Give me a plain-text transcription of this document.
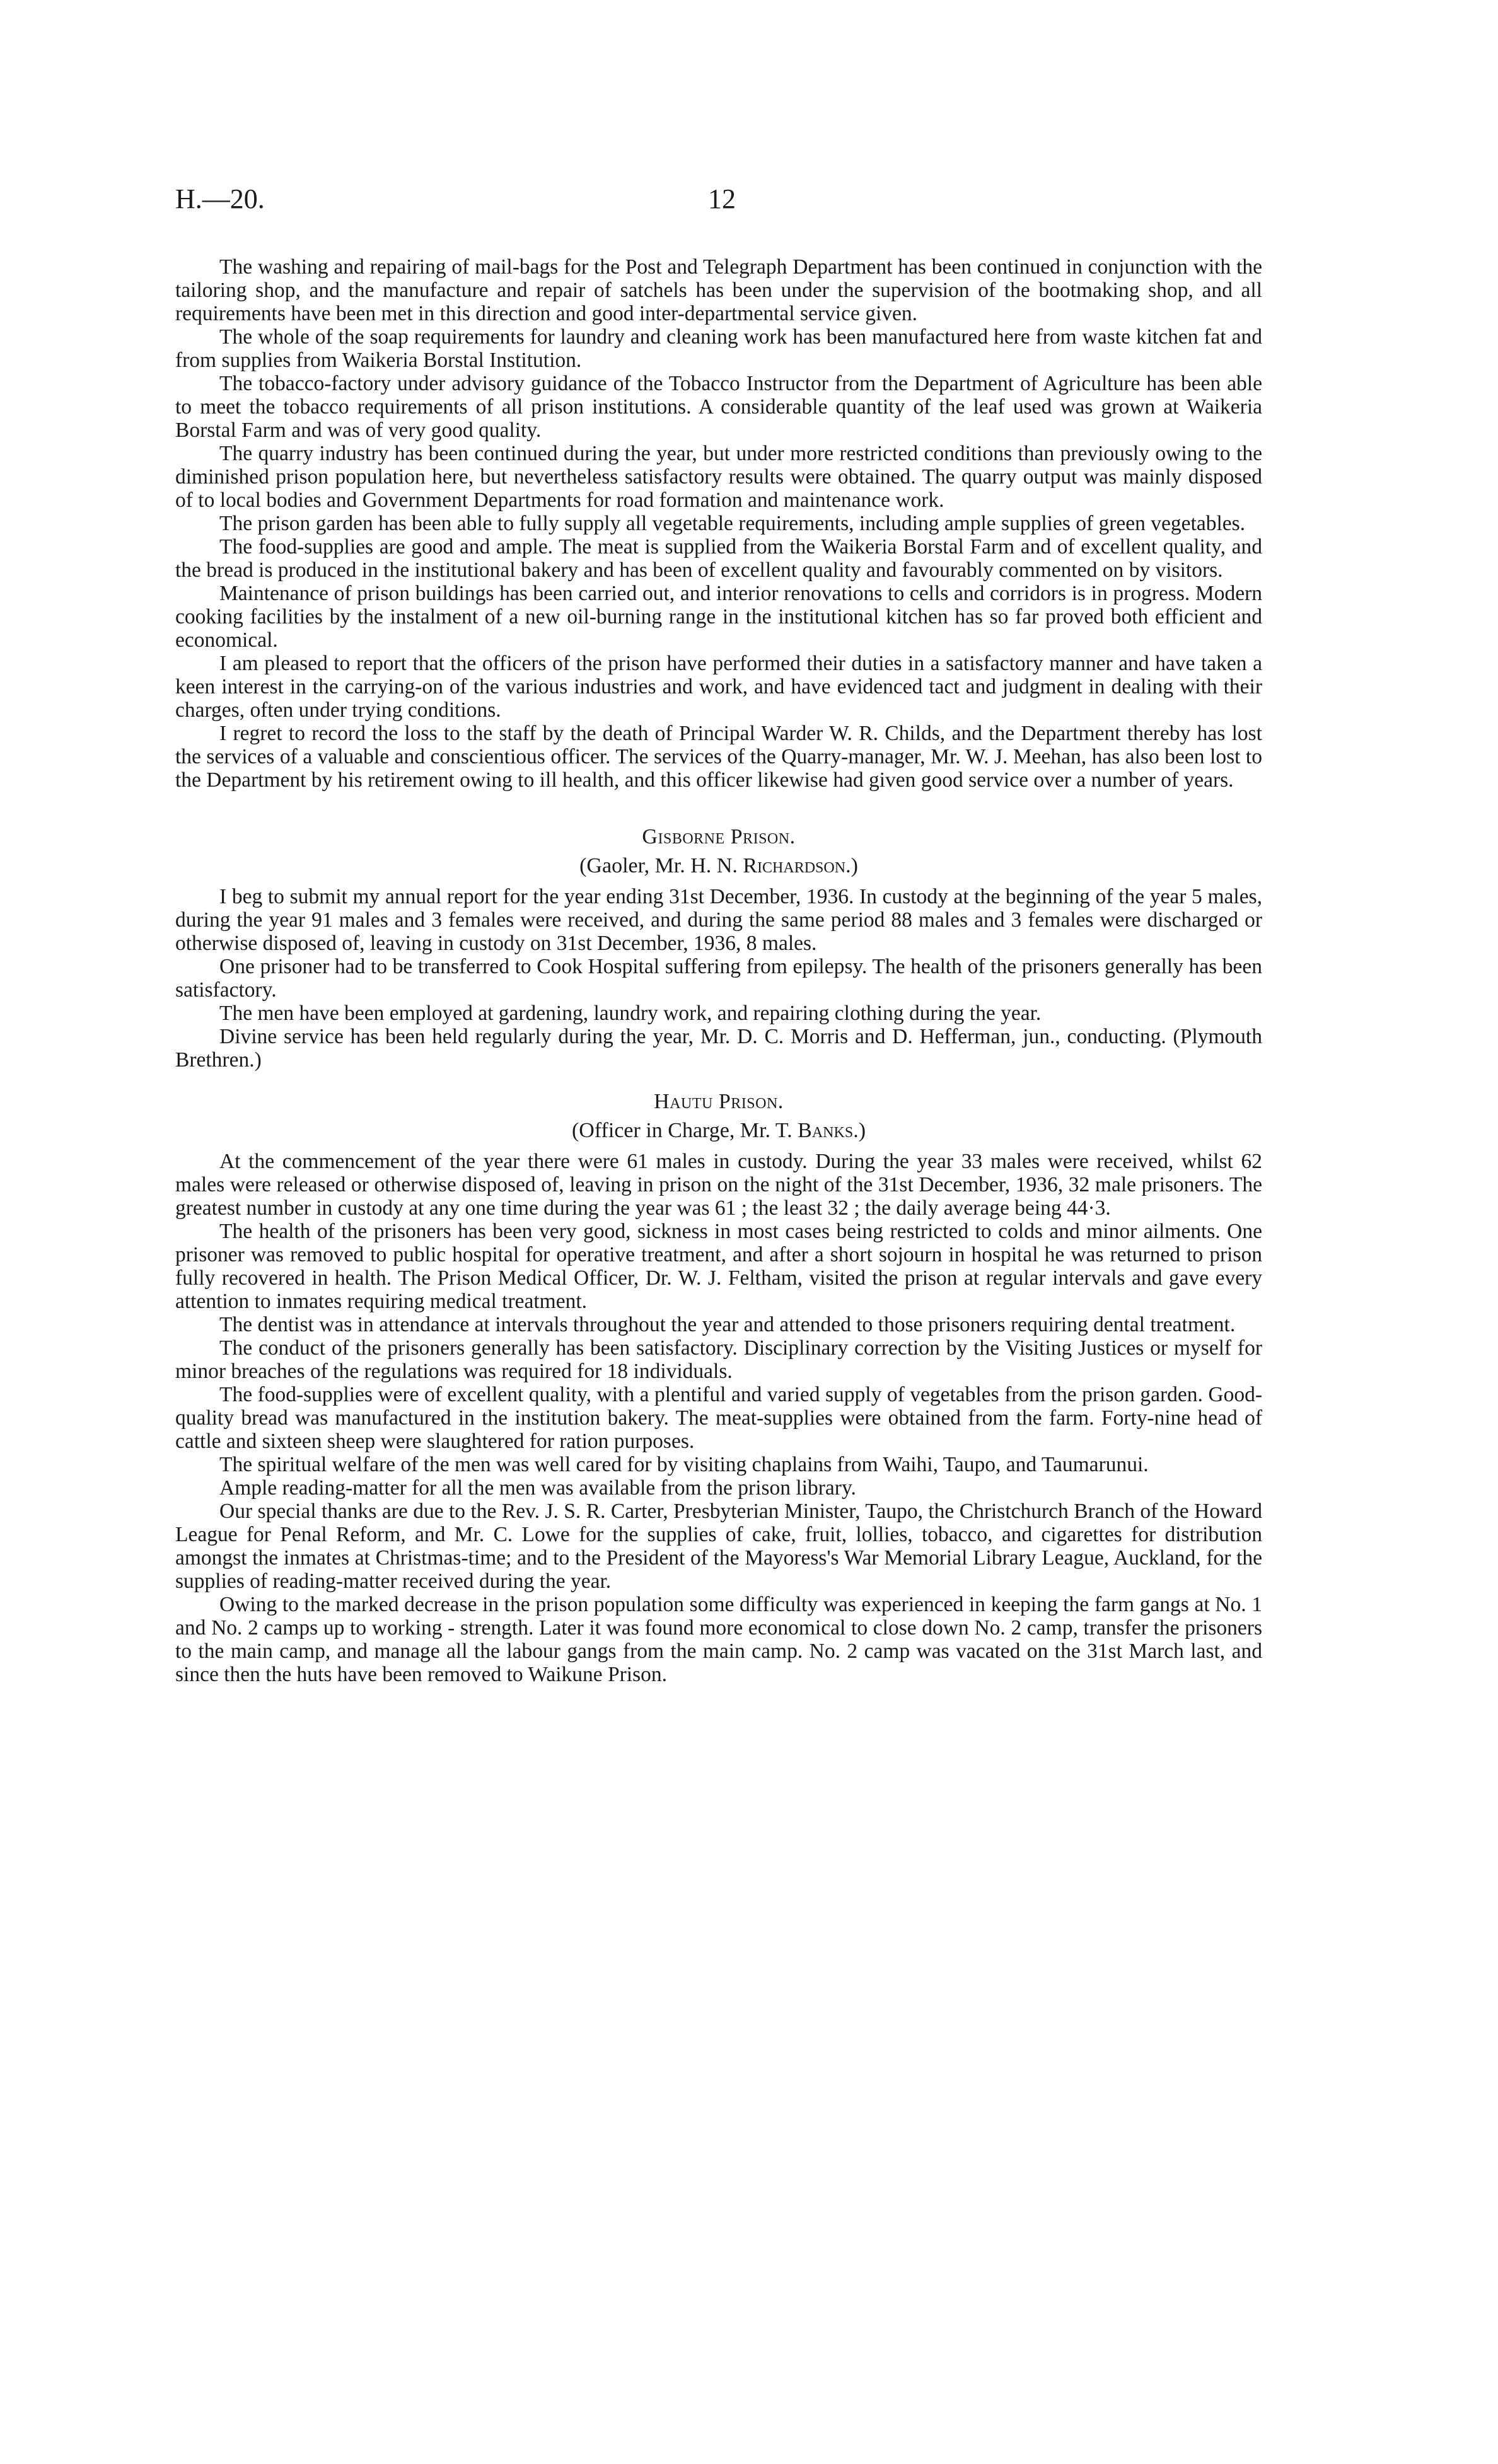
H.—20.	12

The washing and repairing of mail-bags for the Post and Telegraph Department has been continued in conjunction with the tailoring shop, and the manufacture and repair of satchels has been under the supervision of the bootmaking shop, and all requirements have been met in this direction and good inter-departmental service given.

The whole of the soap requirements for laundry and cleaning work has been manufactured here from waste kitchen fat and from supplies from Waikeria Borstal Institution.

The tobacco-factory under advisory guidance of the Tobacco Instructor from the Department of Agriculture has been able to meet the tobacco requirements of all prison institutions. A considerable quantity of the leaf used was grown at Waikeria Borstal Farm and was of very good quality.

The quarry industry has been continued during the year, but under more restricted conditions than previously owing to the diminished prison population here, but nevertheless satisfactory results were obtained. The quarry output was mainly disposed of to local bodies and Government Departments for road formation and maintenance work.

The prison garden has been able to fully supply all vegetable requirements, including ample supplies of green vegetables.

The food-supplies are good and ample. The meat is supplied from the Waikeria Borstal Farm and of excellent quality, and the bread is produced in the institutional bakery and has been of excellent quality and favourably commented on by visitors.

Maintenance of prison buildings has been carried out, and interior renovations to cells and corridors is in progress. Modern cooking facilities by the instalment of a new oil-burning range in the institutional kitchen has so far proved both efficient and economical.

I am pleased to report that the officers of the prison have performed their duties in a satisfactory manner and have taken a keen interest in the carrying-on of the various industries and work, and have evidenced tact and judgment in dealing with their charges, often under trying conditions.

I regret to record the loss to the staff by the death of Principal Warder W. R. Childs, and the Department thereby has lost the services of a valuable and conscientious officer. The services of the Quarry-manager, Mr. W. J. Meehan, has also been lost to the Department by his retirement owing to ill health, and this officer likewise had given good service over a number of years.

Gisborne Prison.
(Gaoler, Mr. H. N. Richardson.)

I beg to submit my annual report for the year ending 31st December, 1936. In custody at the beginning of the year 5 males, during the year 91 males and 3 females were received, and during the same period 88 males and 3 females were discharged or otherwise disposed of, leaving in custody on 31st December, 1936, 8 males.

One prisoner had to be transferred to Cook Hospital suffering from epilepsy. The health of the prisoners generally has been satisfactory.

The men have been employed at gardening, laundry work, and repairing clothing during the year.

Divine service has been held regularly during the year, Mr. D. C. Morris and D. Hefferman, jun., conducting. (Plymouth Brethren.)

Hautu Prison.
(Officer in Charge, Mr. T. Banks.)

At the commencement of the year there were 61 males in custody. During the year 33 males were received, whilst 62 males were released or otherwise disposed of, leaving in prison on the night of the 31st December, 1936, 32 male prisoners. The greatest number in custody at any one time during the year was 61 ; the least 32 ; the daily average being 44·3.

The health of the prisoners has been very good, sickness in most cases being restricted to colds and minor ailments. One prisoner was removed to public hospital for operative treatment, and after a short sojourn in hospital he was returned to prison fully recovered in health. The Prison Medical Officer, Dr. W. J. Feltham, visited the prison at regular intervals and gave every attention to inmates requiring medical treatment.

The dentist was in attendance at intervals throughout the year and attended to those prisoners requiring dental treatment.

The conduct of the prisoners generally has been satisfactory. Disciplinary correction by the Visiting Justices or myself for minor breaches of the regulations was required for 18 individuals.

The food-supplies were of excellent quality, with a plentiful and varied supply of vegetables from the prison garden. Good-quality bread was manufactured in the institution bakery. The meat-supplies were obtained from the farm. Forty-nine head of cattle and sixteen sheep were slaughtered for ration purposes.

The spiritual welfare of the men was well cared for by visiting chaplains from Waihi, Taupo, and Taumarunui.

Ample reading-matter for all the men was available from the prison library.

Our special thanks are due to the Rev. J. S. R. Carter, Presbyterian Minister, Taupo, the Christchurch Branch of the Howard League for Penal Reform, and Mr. C. Lowe for the supplies of cake, fruit, lollies, tobacco, and cigarettes for distribution amongst the inmates at Christmas-time; and to the President of the Mayoress's War Memorial Library League, Auckland, for the supplies of reading-matter received during the year.

Owing to the marked decrease in the prison population some difficulty was experienced in keeping the farm gangs at No. 1 and No. 2 camps up to working - strength. Later it was found more economical to close down No. 2 camp, transfer the prisoners to the main camp, and manage all the labour gangs from the main camp. No. 2 camp was vacated on the 31st March last, and since then the huts have been removed to Waikune Prison.
